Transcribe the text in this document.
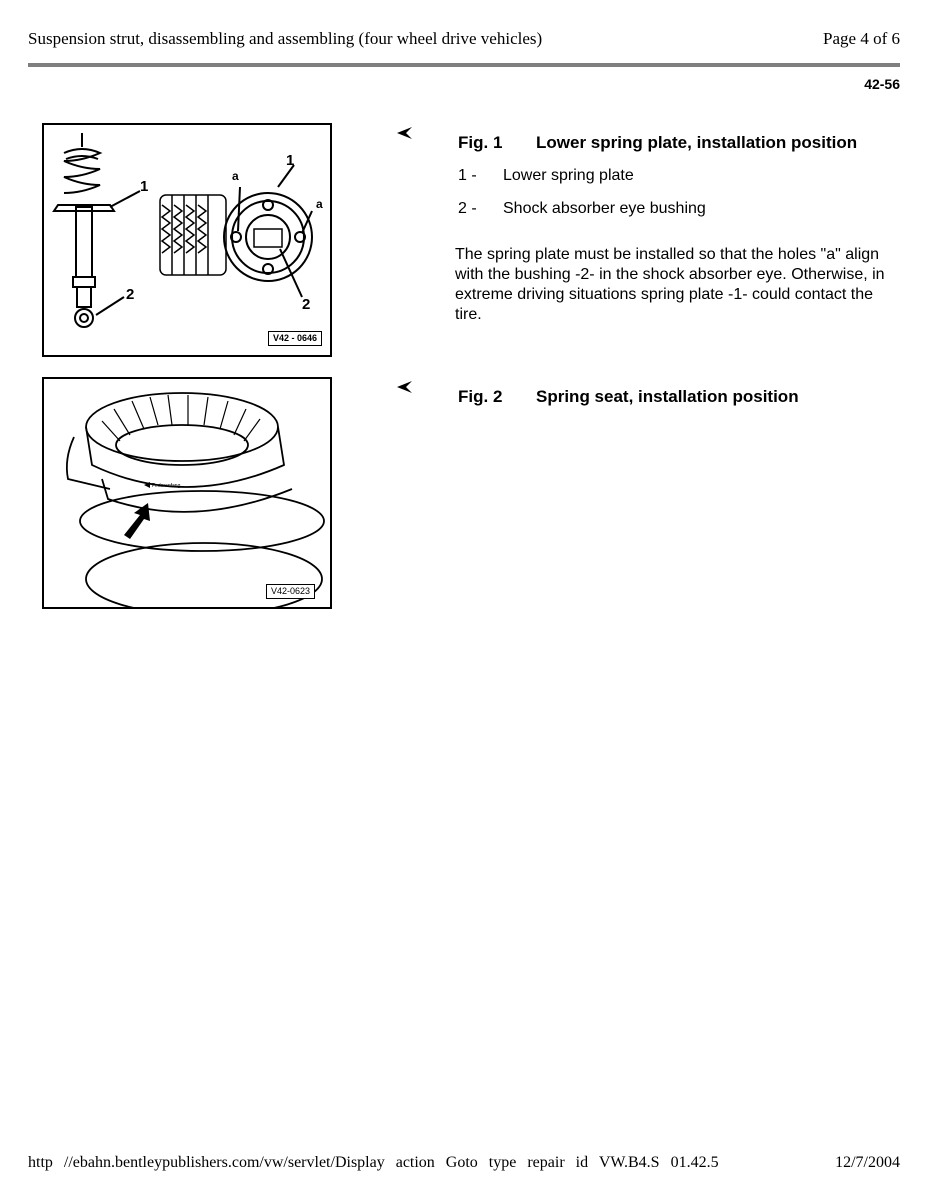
Suspension strut, disassembling and assembling (four wheel drive vehicles)	Page 4 of 6
42-56
1
2
a
1
a
2
V42 - 0646
Federanfang
V42-0623
Fig. 1 Lower spring plate, installation position
1 - Lower spring plate
2 - Shock absorber eye bushing
The spring plate must be installed so that the holes "a" align with the bushing -2- in the shock absorber eye. Otherwise, in extreme driving situations spring plate -1- could contact the tire.
Fig. 2 Spring seat, installation position
http //ebahn.bentleypublishers.com/vw/servlet/Display action Goto type repair id VW.B4.S 01.42.5	12/7/2004
